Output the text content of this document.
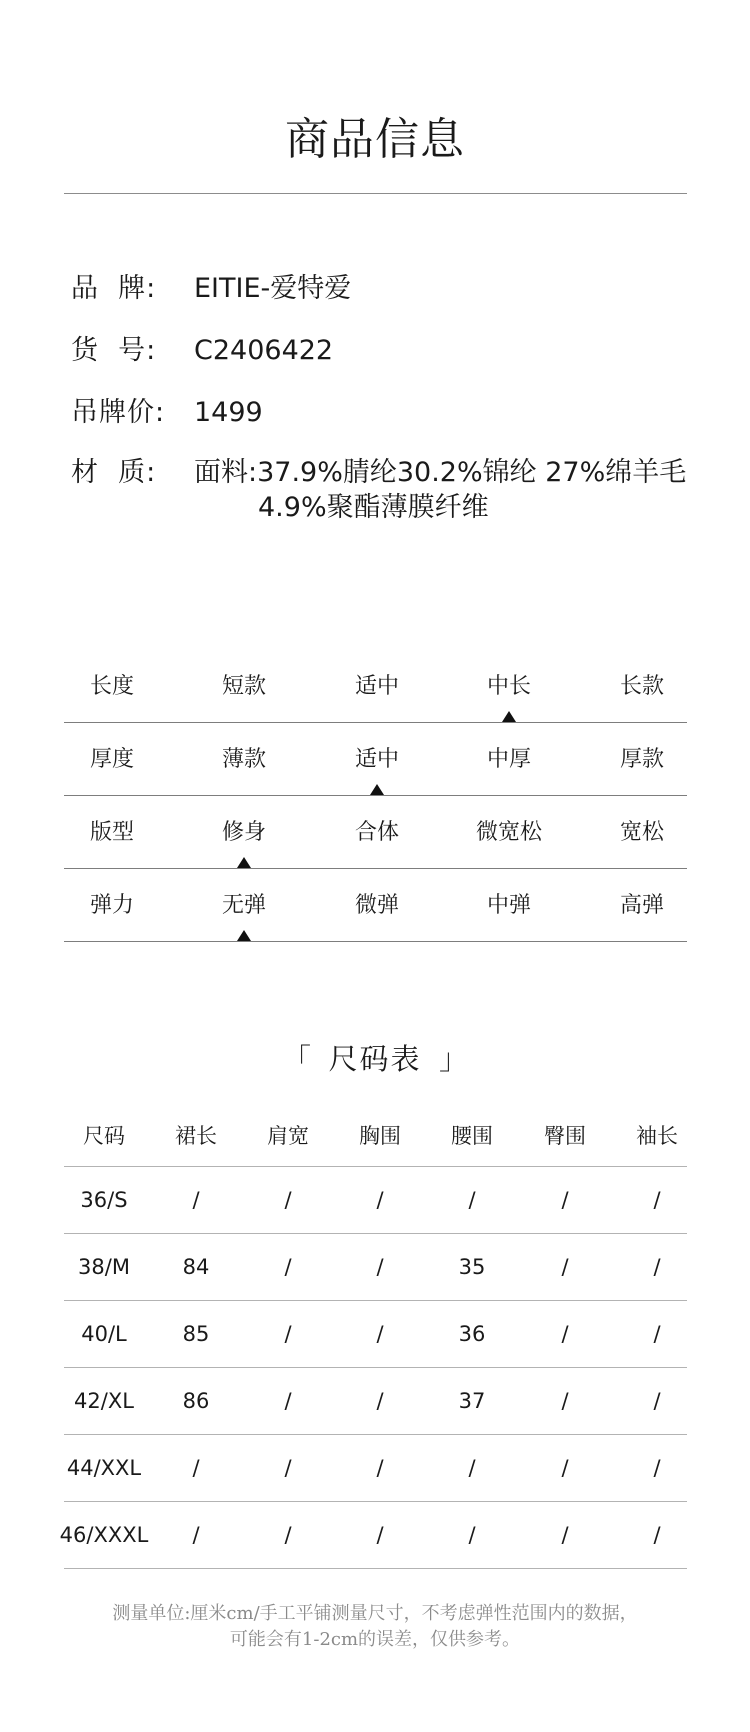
商品信息
品  牌:	EITIE-爱特爱
货  号:	C2406422
吊牌价:	1499
材  质:	面料:37.9%腈纶30.2%锦纶 27%绵羊毛
4.9%聚酯薄膜纤维
长度	短款	适中	中长	长款
厚度	薄款	适中	中厚	厚款
版型	修身	合体	微宽松	宽松
弹力	无弹	微弹	中弹	高弹
「 尺码表 」
尺码	裙长	肩宽	胸围	腰围	臀围	袖长
36/S	/	/	/	/	/	/
38/M	84	/	/	35	/	/
40/L	85	/	/	36	/	/
42/XL	86	/	/	37	/	/
44/XXL	/	/	/	/	/	/
46/XXXL	/	/	/	/	/	/
测量单位:厘米cm/手工平铺测量尺寸，不考虑弹性范围内的数据，
可能会有1-2cm的误差，仅供参考。
